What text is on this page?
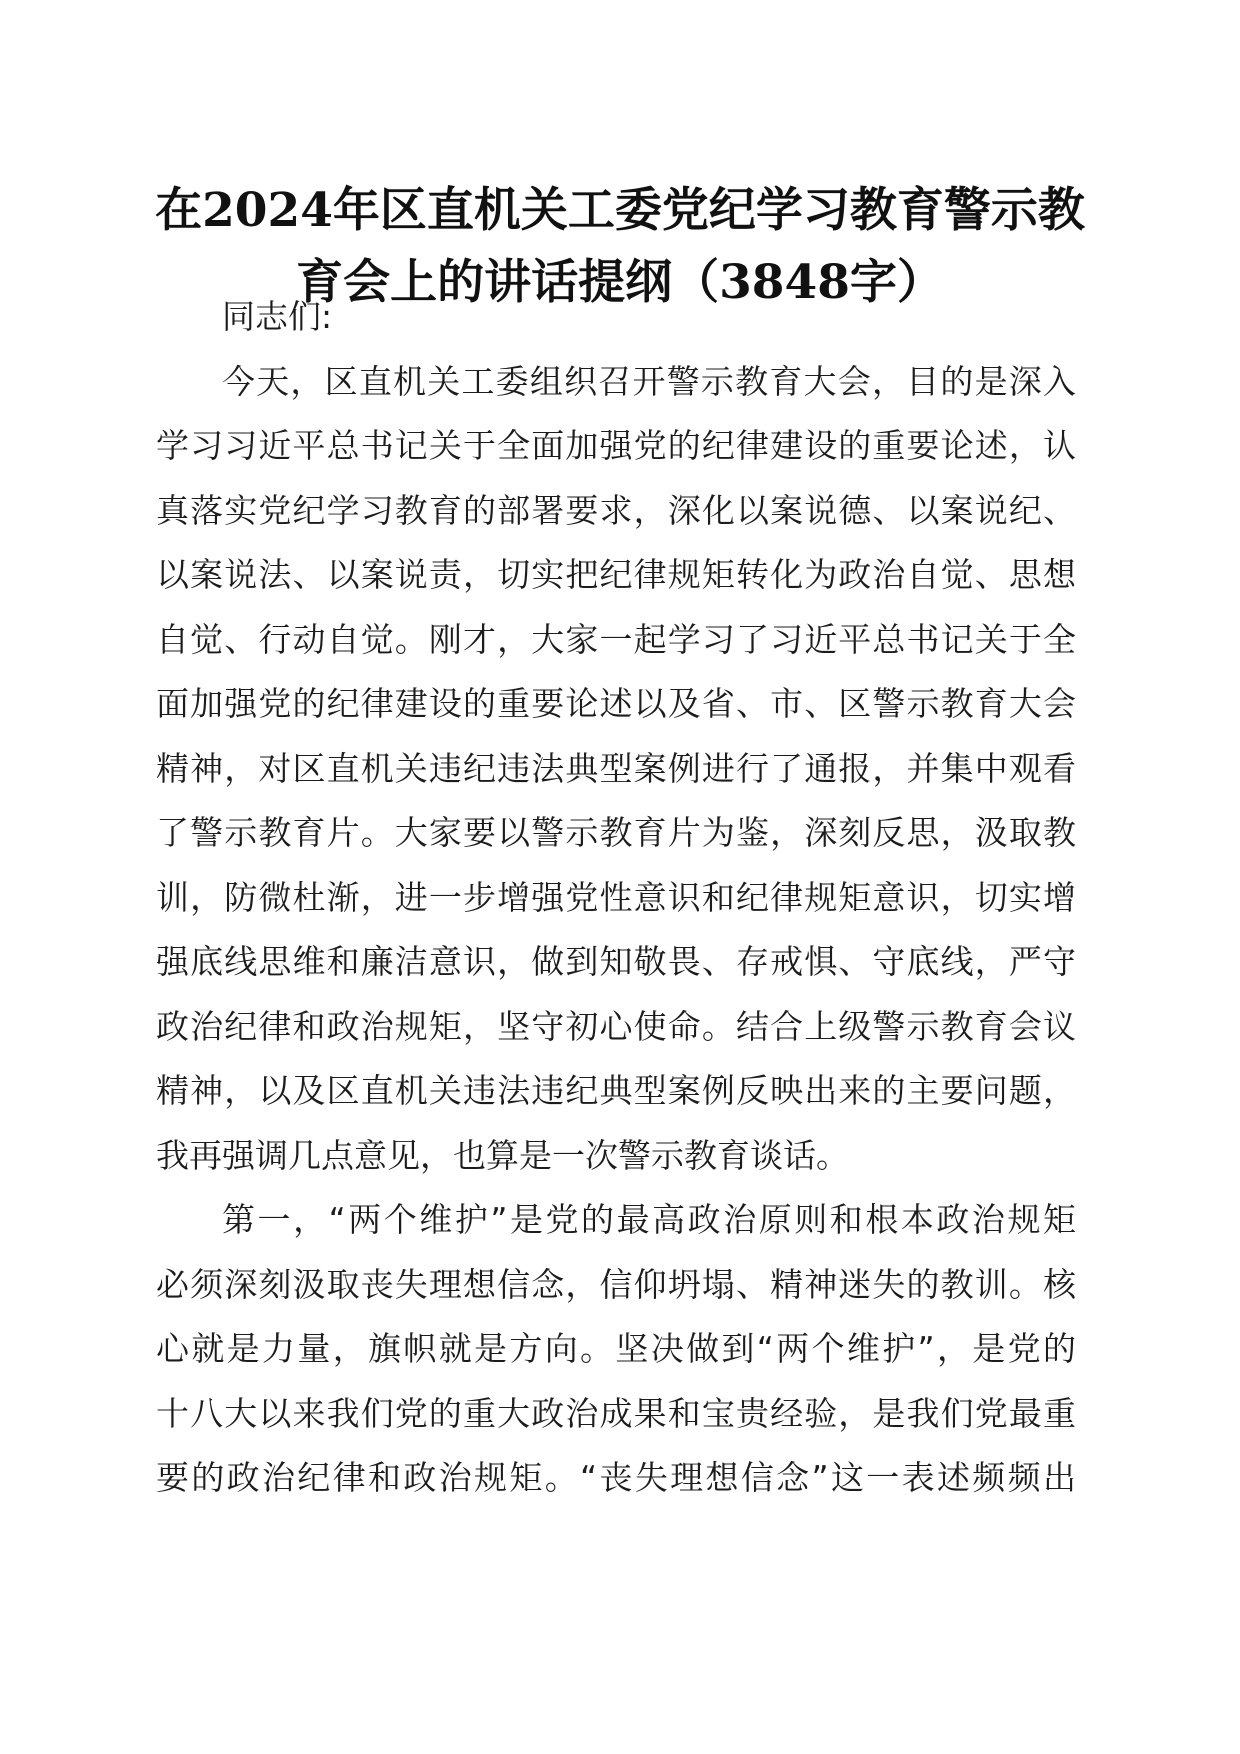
在2024年区直机关工委党纪学习教育警示教
育会上的讲话提纲（3848字）

同志们:

今天，区直机关工委组织召开警示教育大会，目的是深入
学习习近平总书记关于全面加强党的纪律建设的重要论述，认
真落实党纪学习教育的部署要求，深化以案说德、以案说纪、
以案说法、以案说责，切实把纪律规矩转化为政治自觉、思想
自觉、行动自觉。刚才，大家一起学习了习近平总书记关于全
面加强党的纪律建设的重要论述以及省、市、区警示教育大会
精神，对区直机关违纪违法典型案例进行了通报，并集中观看
了警示教育片。大家要以警示教育片为鉴，深刻反思，汲取教
训，防微杜渐，进一步增强党性意识和纪律规矩意识，切实增
强底线思维和廉洁意识，做到知敬畏、存戒惧、守底线，严守
政治纪律和政治规矩，坚守初心使命。结合上级警示教育会议
精神，以及区直机关违法违纪典型案例反映出来的主要问题，
我再强调几点意见，也算是一次警示教育谈话。

第一，“两个维护”是党的最高政治原则和根本政治规矩
必须深刻汲取丧失理想信念，信仰坍塌、精神迷失的教训。核
心就是力量，旗帜就是方向。坚决做到“两个维护”，是党的
十八大以来我们党的重大政治成果和宝贵经验，是我们党最重
要的政治纪律和政治规矩。“丧失理想信念”这一表述频频出
